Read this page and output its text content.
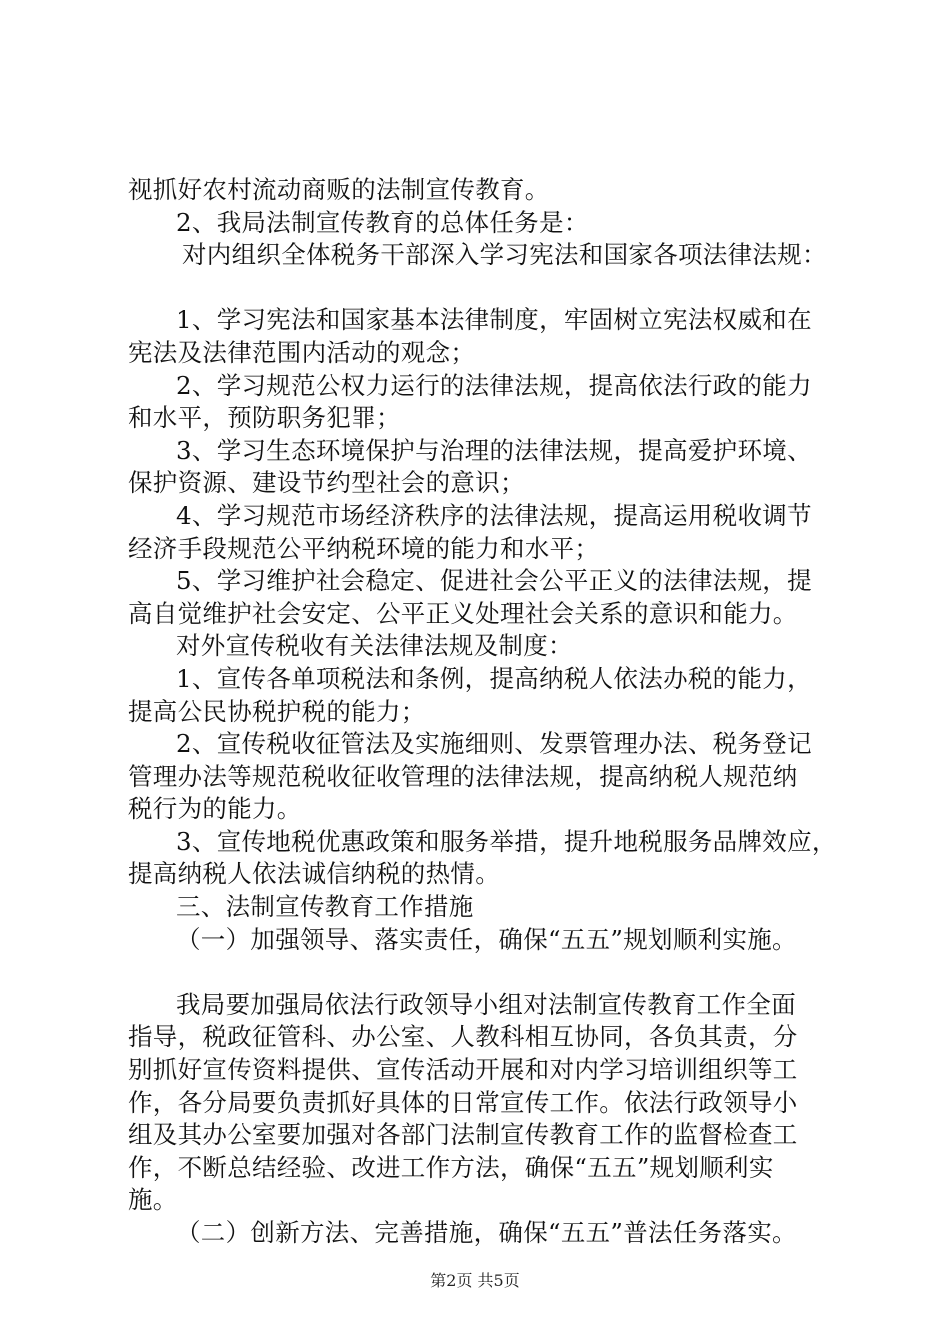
视抓好农村流动商贩的法制宣传教育。
2、我局法制宣传教育的总体任务是：
对内组织全体税务干部深入学习宪法和国家各项法律法规：
1、学习宪法和国家基本法律制度，牢固树立宪法权威和在
宪法及法律范围内活动的观念；
2、学习规范公权力运行的法律法规，提高依法行政的能力
和水平，预防职务犯罪；
3、学习生态环境保护与治理的法律法规，提高爱护环境、
保护资源、建设节约型社会的意识；
4、学习规范市场经济秩序的法律法规，提高运用税收调节
经济手段规范公平纳税环境的能力和水平；
5、学习维护社会稳定、促进社会公平正义的法律法规，提
高自觉维护社会安定、公平正义处理社会关系的意识和能力。
对外宣传税收有关法律法规及制度：
1、宣传各单项税法和条例，提高纳税人依法办税的能力，
提高公民协税护税的能力；
2、宣传税收征管法及实施细则、发票管理办法、税务登记
管理办法等规范税收征收管理的法律法规，提高纳税人规范纳
税行为的能力。
3、宣传地税优惠政策和服务举措，提升地税服务品牌效应，
提高纳税人依法诚信纳税的热情。
三、法制宣传教育工作措施
（一）加强领导、落实责任，确保“五五”规划顺利实施。
我局要加强局依法行政领导小组对法制宣传教育工作全面
指导，税政征管科、办公室、人教科相互协同，各负其责，分
别抓好宣传资料提供、宣传活动开展和对内学习培训组织等工
作，各分局要负责抓好具体的日常宣传工作。依法行政领导小
组及其办公室要加强对各部门法制宣传教育工作的监督检查工
作，不断总结经验、改进工作方法，确保“五五”规划顺利实
施。
（二）创新方法、完善措施，确保“五五”普法任务落实。
第2页 共5页
